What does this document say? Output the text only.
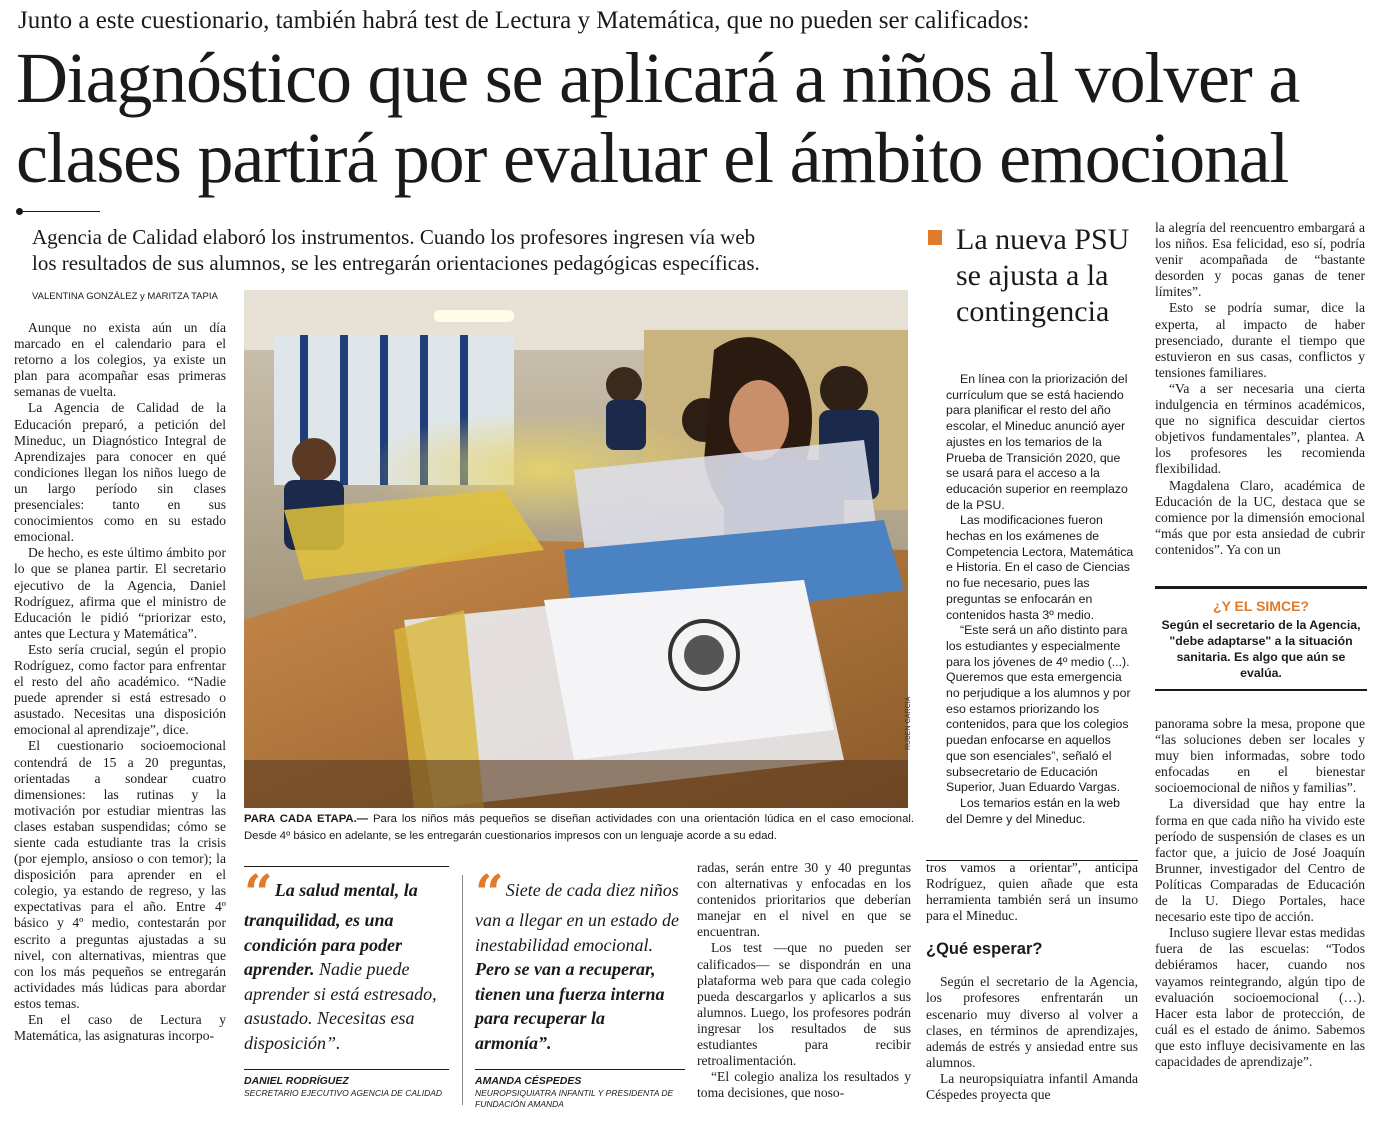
Junto a este cuestionario, también habrá test de Lectura y Matemática, que no pueden ser calificados:
Diagnóstico que se aplicará a niños al volver a
clases partirá por evaluar el ámbito emocional
Agencia de Calidad elaboró los instrumentos. Cuando los profesores ingresen vía web
los resultados de sus alumnos, se les entregarán orientaciones pedagógicas específicas.
VALENTINA GONZÁLEZ y MARITZA TAPIA

Aunque no exista aún un día marcado en el calendario para el retorno a los colegios, ya existe un plan para acompañar esas primeras semanas de vuelta.

La Agencia de Calidad de la Educación preparó, a petición del Mineduc, un Diagnóstico Integral de Aprendizajes para conocer en qué condiciones llegan los niños luego de un largo período sin clases presenciales: tanto en sus conocimientos como en su estado emocional.

De hecho, es este último ámbito por lo que se planea partir. El secretario ejecutivo de la Agencia, Daniel Rodríguez, afirma que el ministro de Educación le pidió “priorizar esto, antes que Lectura y Matemática”.

Esto sería crucial, según el propio Rodríguez, como factor para enfrentar el resto del año académico. “Nadie puede aprender si está estresado o asustado. Necesitas una disposición emocional al aprendizaje”, dice.

El cuestionario socioemocional contendrá de 15 a 20 preguntas, orientadas a sondear cuatro dimensiones: las rutinas y la motivación por estudiar mientras las clases estaban suspendidas; cómo se siente cada estudiante tras la crisis (por ejemplo, ansioso o con temor); la disposición para aprender en el colegio, ya estando de regreso, y las expectativas para el año. Entre 4º básico y 4º medio, contestarán por escrito a preguntas ajustadas a su nivel, con alternativas, mientras que con los más pequeños se entregarán actividades más lúdicas para abordar estos temas.

En el caso de Lectura y Matemática, las asignaturas incorpo-

RUBÉN GARCÍA
PARA CADA ETAPA.— Para los niños más pequeños se diseñan actividades con una orientación lúdica en el caso emocional. Desde 4º básico en adelante, se les entregarán cuestionarios impresos con un lenguaje acorde a su edad.
“ La salud mental, la tranquilidad, es una condición para poder aprender. Nadie puede aprender si está estresado, asustado. Necesitas esa disposición”.
DANIEL RODRÍGUEZ
SECRETARIO EJECUTIVO AGENCIA DE CALIDAD
“ Siete de cada diez niños van a llegar en un estado de inestabilidad emocional. Pero se van a recuperar, tienen una fuerza interna para recuperar la armonía”.
AMANDA CÉSPEDES
NEUROPSIQUIATRA INFANTIL Y PRESIDENTA DE FUNDACIÓN AMANDA

radas, serán entre 30 y 40 preguntas con alternativas y enfocadas en los contenidos prioritarios que deberían manejar en el nivel en que se encuentran.

Los test —que no pueden ser calificados— se dispondrán en una plataforma web para que cada colegio pueda descargarlos y aplicarlos a sus alumnos. Luego, los profesores podrán ingresar los resultados de sus estudiantes para recibir retroalimentación.

“El colegio analiza los resultados y toma decisiones, que noso-

La nueva PSU se ajusta a la contingencia

En línea con la priorización del currículum que se está haciendo para planificar el resto del año escolar, el Mineduc anunció ayer ajustes en los temarios de la Prueba de Transición 2020, que se usará para el acceso a la educación superior en reemplazo de la PSU.

Las modificaciones fueron hechas en los exámenes de Competencia Lectora, Matemática e Historia. En el caso de Ciencias no fue necesario, pues las preguntas se enfocarán en contenidos hasta 3º medio.

“Este será un año distinto para los estudiantes y especialmente para los jóvenes de 4º medio (...). Queremos que esta emergencia no perjudique a los alumnos y por eso estamos priorizando los contenidos, para que los colegios puedan enfocarse en aquellos que son esenciales”, señaló el subsecretario de Educación Superior, Juan Eduardo Vargas.

Los temarios están en la web del Demre y del Mineduc.

tros vamos a orientar”, anticipa Rodríguez, quien añade que esta herramienta también será un insumo para el Mineduc.

¿Qué esperar?

Según el secretario de la Agencia, los profesores enfrentarán un escenario muy diverso al volver a clases, en términos de aprendizajes, además de estrés y ansiedad entre sus alumnos.

La neuropsiquiatra infantil Amanda Céspedes proyecta que

la alegría del reencuentro embargará a los niños. Esa felicidad, eso sí, podría venir acompañada de “bastante desorden y pocas ganas de tener límites”.

Esto se podría sumar, dice la experta, al impacto de haber presenciado, durante el tiempo que estuvieron en sus casas, conflictos y tensiones familiares.

“Va a ser necesaria una cierta indulgencia en términos académicos, que no significa descuidar ciertos objetivos fundamentales”, plantea. A los profesores les recomienda flexibilidad.

Magdalena Claro, académica de Educación de la UC, destaca que se comience por la dimensión emocional “más que por esta ansiedad de cubrir contenidos”. Ya con un

¿Y EL SIMCE?
Según el secretario de la Agencia, "debe adaptarse" a la situación sanitaria. Es algo que aún se evalúa.

panorama sobre la mesa, propone que “las soluciones deben ser locales y muy bien informadas, sobre todo enfocadas en el bienestar socioemocional de niños y familias”.

La diversidad que hay entre la forma en que cada niño ha vivido este período de suspensión de clases es un factor que, a juicio de José Joaquín Brunner, investigador del Centro de Políticas Comparadas de Educación de la U. Diego Portales, hace necesario este tipo de acción.

Incluso sugiere llevar estas medidas fuera de las escuelas: “Todos debiéramos hacer, cuando nos vayamos reintegrando, algún tipo de evaluación socioemocional (…). Hacer esta labor de protección, de cuál es el estado de ánimo. Sabemos que esto influye decisivamente en las capacidades de aprendizaje”.
